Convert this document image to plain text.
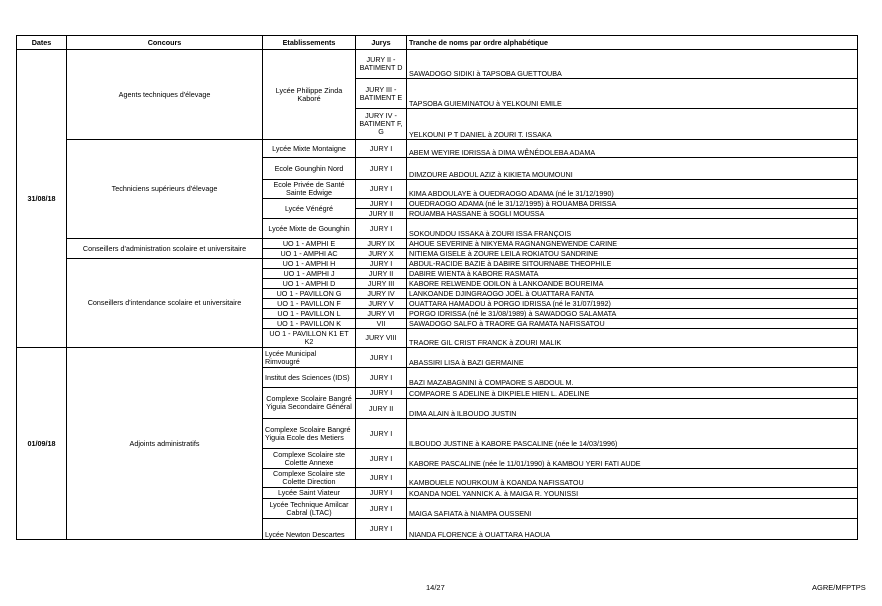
Dates	Concours	Etablissements	Jurys	Tranche de noms par ordre alphabétique
31/08/18	Agents techniques d'élevage	Lycée Philippe Zinda Kaboré	JURY II - BATIMENT D	SAWADOGO SIDIKI à TAPSOBA GUETTOUBA
			JURY III - BATIMENT E	TAPSOBA GUIEMINATOU à YELKOUNI EMILE
			JURY IV - BATIMENT F, G	YELKOUNI P T DANIEL à ZOURI T. ISSAKA
	Techniciens supérieurs d'élevage	Lycée Mixte Montaigne	JURY I	ABEM WEYIRE IDRISSA à DIMA WÊNÉDOLEBA ADAMA
		Ecole Gounghin Nord	JURY I	DIMZOURE ABDOUL AZIZ à KIKIETA MOUMOUNI
		Ecole Privée de Santé Sainte Edwige	JURY I	KIMA ABDOULAYE à OUEDRAOGO ADAMA (né le 31/12/1990)
		Lycée Vénégré	JURY I	OUEDRAOGO ADAMA (né le 31/12/1995) à ROUAMBA DRISSA
			JURY II	ROUAMBA HASSANE à SOGLI MOUSSA
		Lycée Mixte de Gounghin	JURY I	SOKOUNDOU ISSAKA à ZOURI ISSA FRANÇOIS
	Conseillers d'administration scolaire et universitaire	UO 1 - AMPHI E	JURY IX	AHOUE SEVERINE à NIKYEMA RAGNANGNEWENDE CARINE
		UO 1 - AMPHI AC	JURY X	NITIEMA GISELE à ZOURE LEILA ROKIATOU SANDRINE
	Conseillers d'intendance scolaire et universitaire	UO 1 - AMPHI H	JURY I	ABDUL-RACIDE BAZIE à DABIRE SITOURNABE THEOPHILE
		UO 1 - AMPHI J	JURY II	DABIRE WIENTA à KABORE RASMATA
		UO 1 - AMPHI D	JURY III	KABORE RELWENDE ODILON à LANKOANDE BOUREIMA
		UO 1 - PAVILLON G	JURY IV	LANKOANDE DJINGRAOGO JOËL à OUATTARA FANTA
		UO 1 - PAVILLON F	JURY V	OUATTARA HAMADOU à PORGO IDRISSA (né le 31/07/1992)
		UO 1 - PAVILLON L	JURY VI	PORGO IDRISSA (né le 31/08/1989) à SAWADOGO SALAMATA
		UO 1 - PAVILLON K	VII	SAWADOGO SALFO à TRAORE GA RAMATA NAFISSATOU
		UO 1 - PAVILLON K1 ET K2	JURY VIII	TRAORE GIL CRIST FRANCK à ZOURI MALIK
01/09/18	Adjoints administratifs	Lycée Municipal Rimvougré	JURY I	ABASSIRI LISA à BAZI GERMAINE
		Institut des Sciences (IDS)	JURY I	BAZI MAZABAGNINI à COMPAORE S ABDOUL M.
		Complexe Scolaire Bangré Yiguia Secondaire Général	JURY I	COMPAORE S ADELINE à DIKPIELE HIEN L. ADELINE
			JURY II	DIMA ALAIN à ILBOUDO JUSTIN
		Complexe Scolaire Bangré Yiguia Ecole des Metiers	JURY I	ILBOUDO JUSTINE à KABORE PASCALINE (née le 14/03/1996)
		Complexe Scolaire ste Colette Annexe	JURY I	KABORE PASCALINE (née le 11/01/1990) à KAMBOU YERI FATI AUDE
		Complexe Scolaire ste Colette Direction	JURY I	KAMBOUELE NOURKOUM à KOANDA NAFISSATOU
		Lycée Saint Viateur	JURY I	KOANDA NOEL YANNICK A. à MAIGA R. YOUNISSI
		Lycée Technique Amilcar Cabral (LTAC)	JURY I	MAIGA SAFIATA à NIAMPA OUSSENI
		Lycée Newton Descartes	JURY I	NIANDA FLORENCE à OUATTARA HAOUA
14/27	AGRE/MFPTPS
